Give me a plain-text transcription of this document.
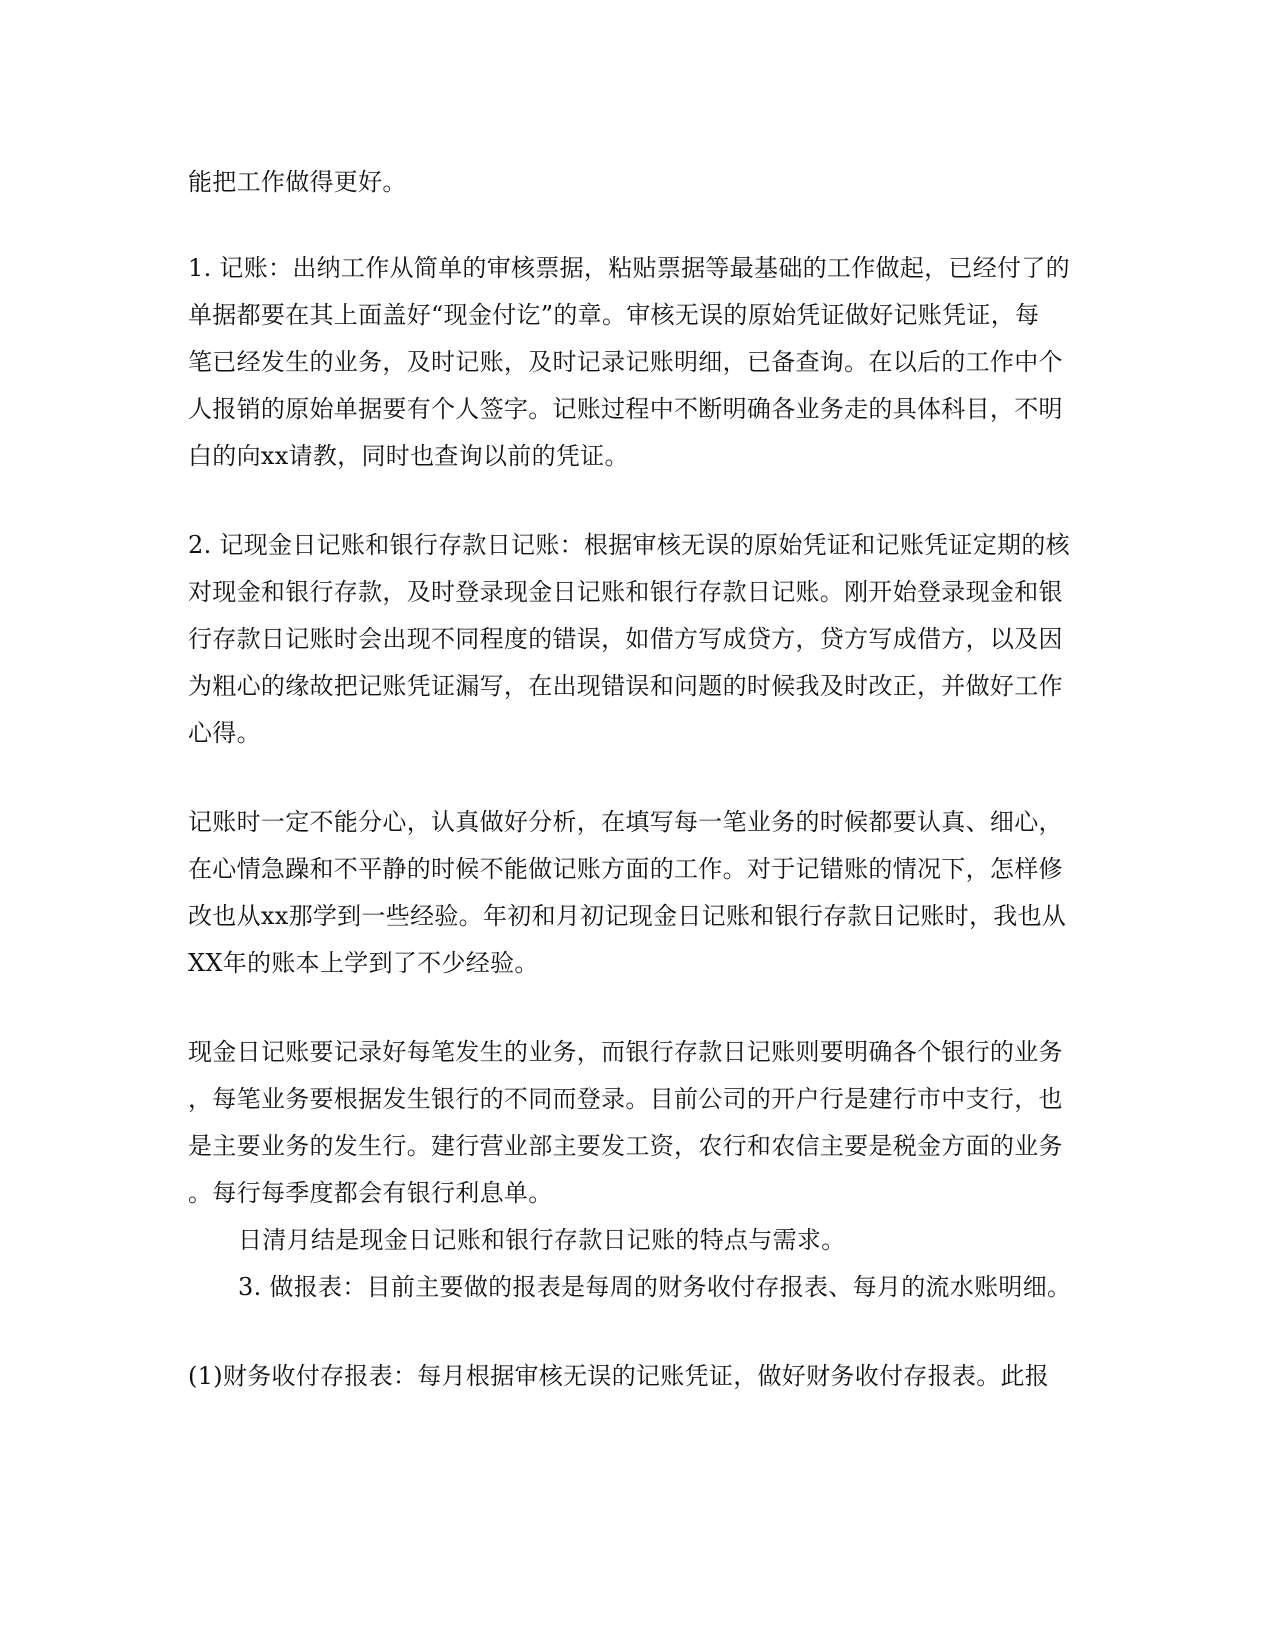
能把工作做得更好。
1. 记账：出纳工作从简单的审核票据，粘贴票据等最基础的工作做起，已经付了的
单据都要在其上面盖好“现金付讫”的章。审核无误的原始凭证做好记账凭证，每
笔已经发生的业务，及时记账，及时记录记账明细，已备查询。在以后的工作中个
人报销的原始单据要有个人签字。记账过程中不断明确各业务走的具体科目，不明
白的向xx请教，同时也查询以前的凭证。
2. 记现金日记账和银行存款日记账：根据审核无误的原始凭证和记账凭证定期的核
对现金和银行存款，及时登录现金日记账和银行存款日记账。刚开始登录现金和银
行存款日记账时会出现不同程度的错误，如借方写成贷方，贷方写成借方，以及因
为粗心的缘故把记账凭证漏写，在出现错误和问题的时候我及时改正，并做好工作
心得。
记账时一定不能分心，认真做好分析，在填写每一笔业务的时候都要认真、细心，
在心情急躁和不平静的时候不能做记账方面的工作。对于记错账的情况下，怎样修
改也从xx那学到一些经验。年初和月初记现金日记账和银行存款日记账时，我也从
XX年的账本上学到了不少经验。
现金日记账要记录好每笔发生的业务，而银行存款日记账则要明确各个银行的业务
，每笔业务要根据发生银行的不同而登录。目前公司的开户行是建行市中支行，也
是主要业务的发生行。建行营业部主要发工资，农行和农信主要是税金方面的业务
。每行每季度都会有银行利息单。
日清月结是现金日记账和银行存款日记账的特点与需求。
3. 做报表：目前主要做的报表是每周的财务收付存报表、每月的流水账明细。
(1)财务收付存报表：每月根据审核无误的记账凭证，做好财务收付存报表。此报
